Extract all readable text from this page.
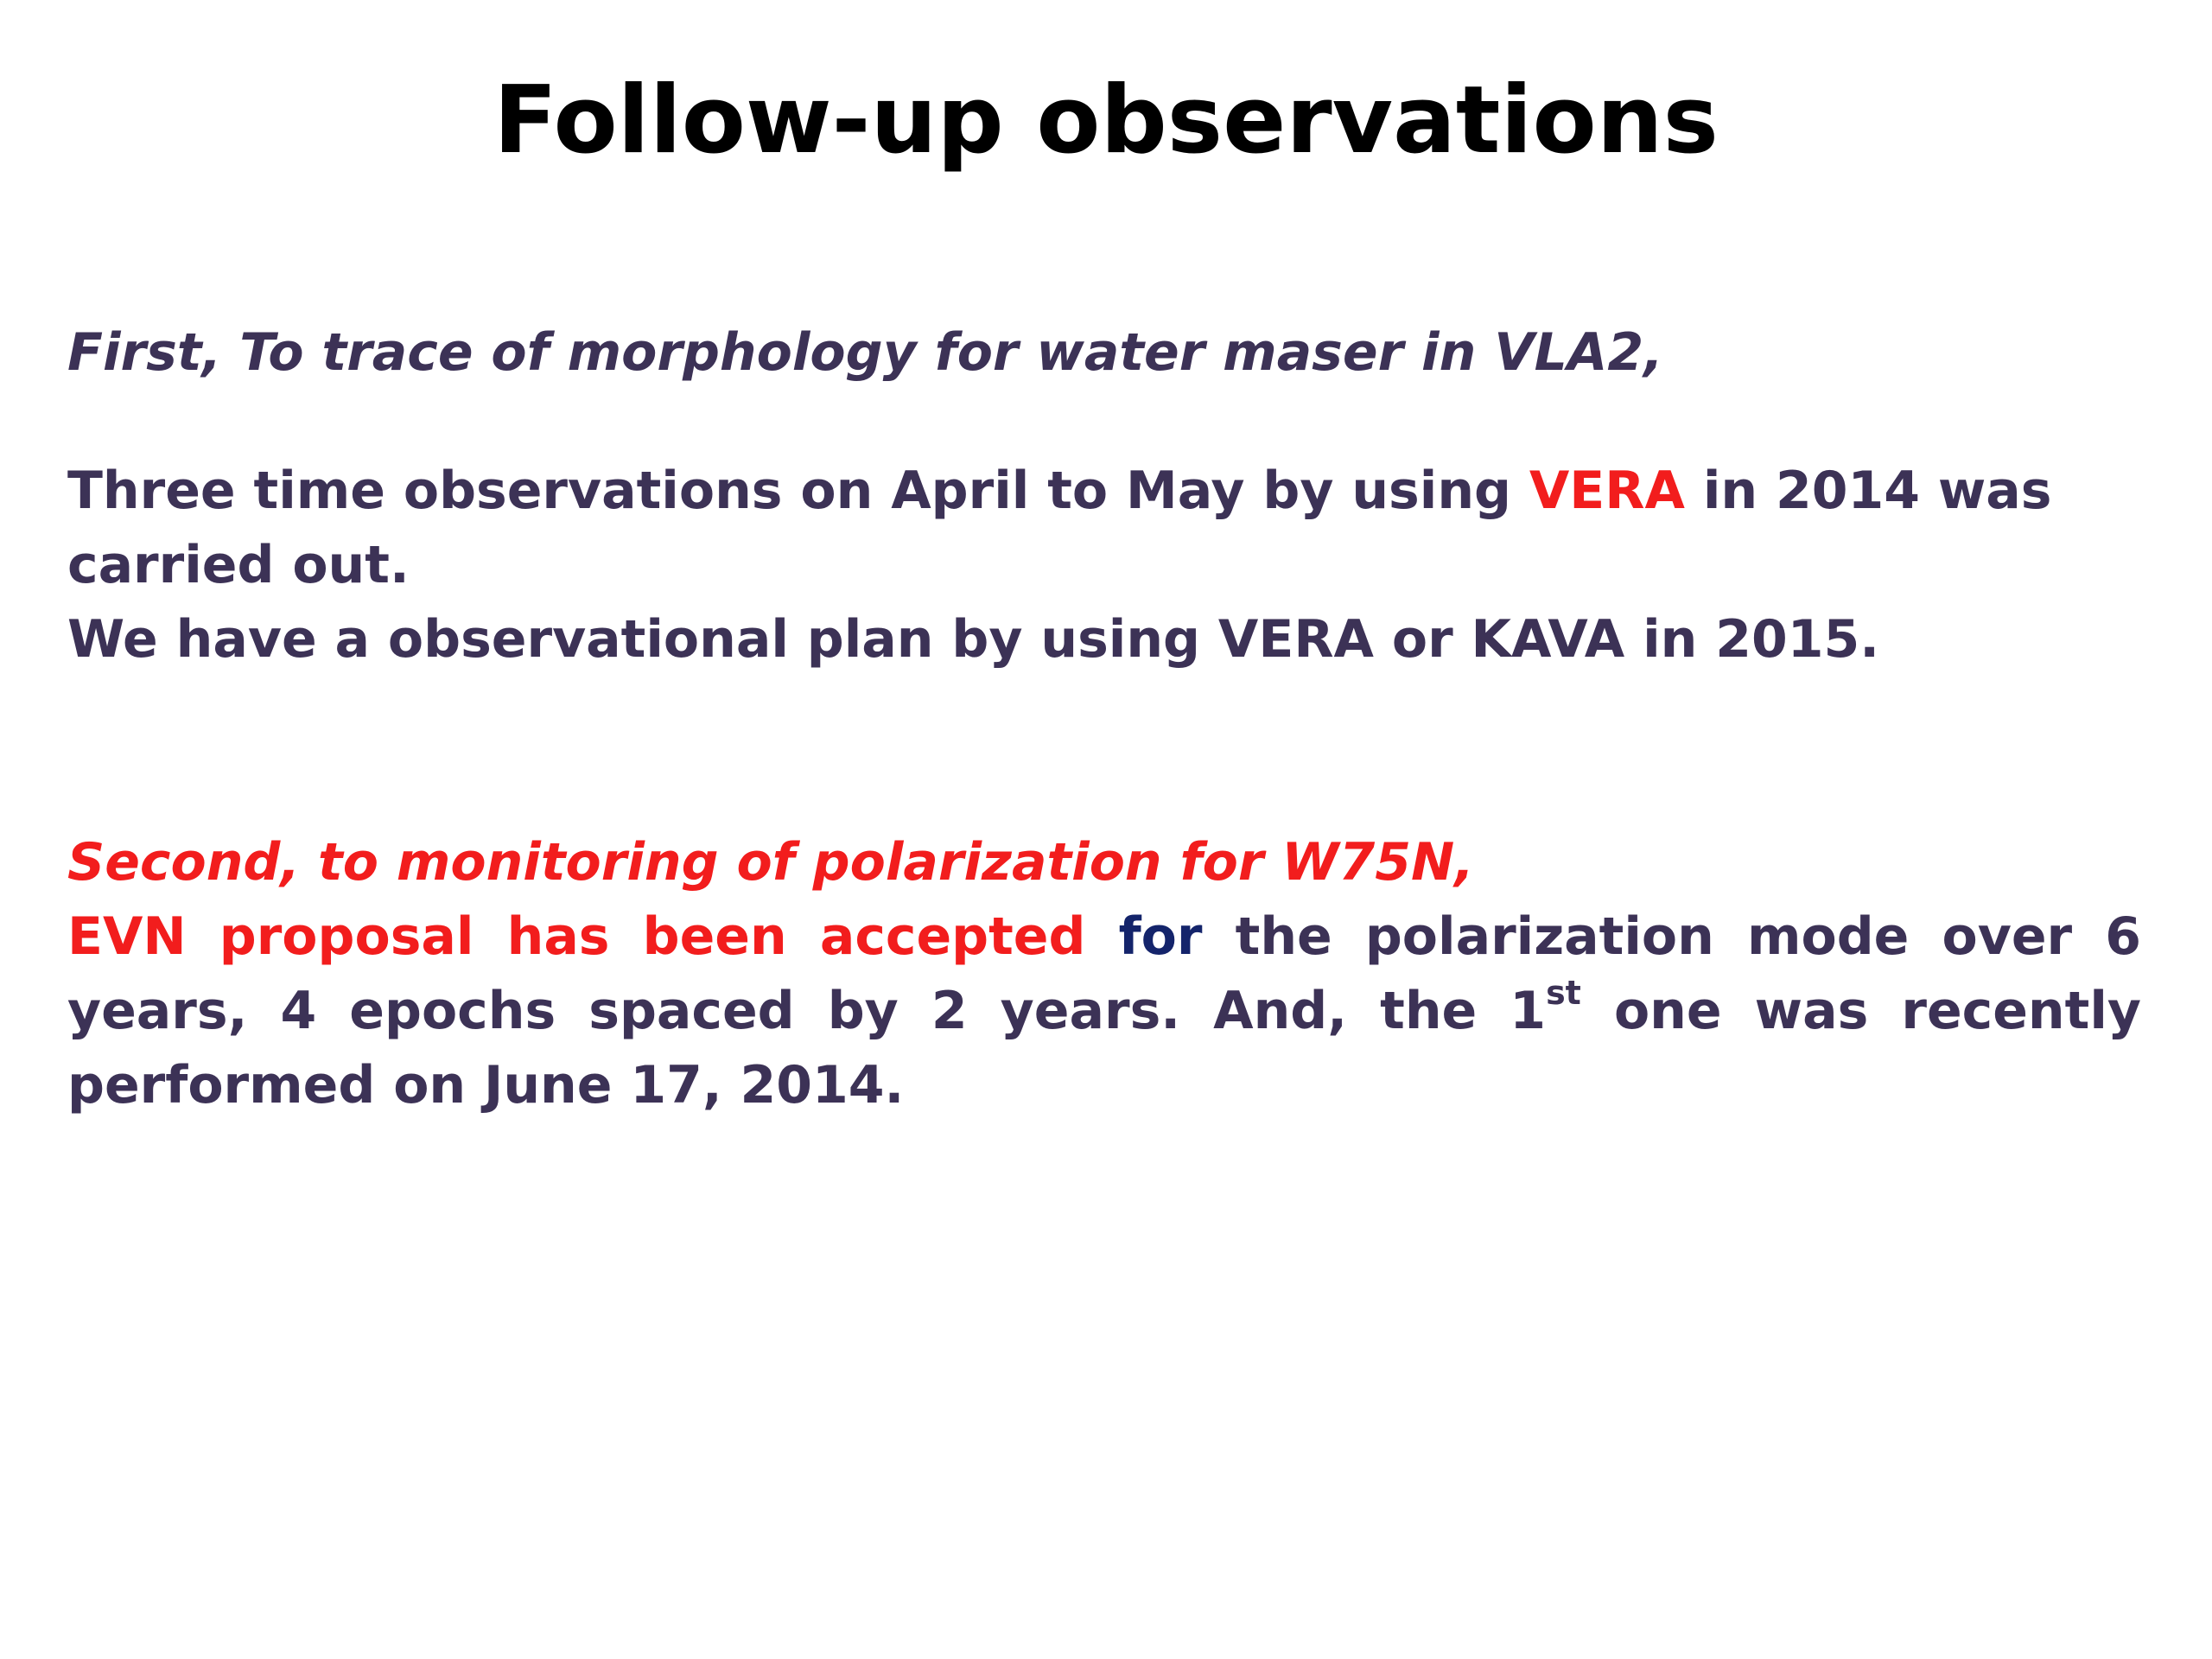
Follow-up observations

First, To trace of morphology for water maser in VLA2,

Three time observations on April to May by using VERA in 2014 was carried out.

We have a observational plan by using VERA or KAVA in 2015.

Second, to monitoring of polarization for W75N,

EVN proposal has been accepted for the polarization mode over 6 years, 4 epochs spaced by 2 years. And, the 1st one was recently performed on June 17, 2014.
